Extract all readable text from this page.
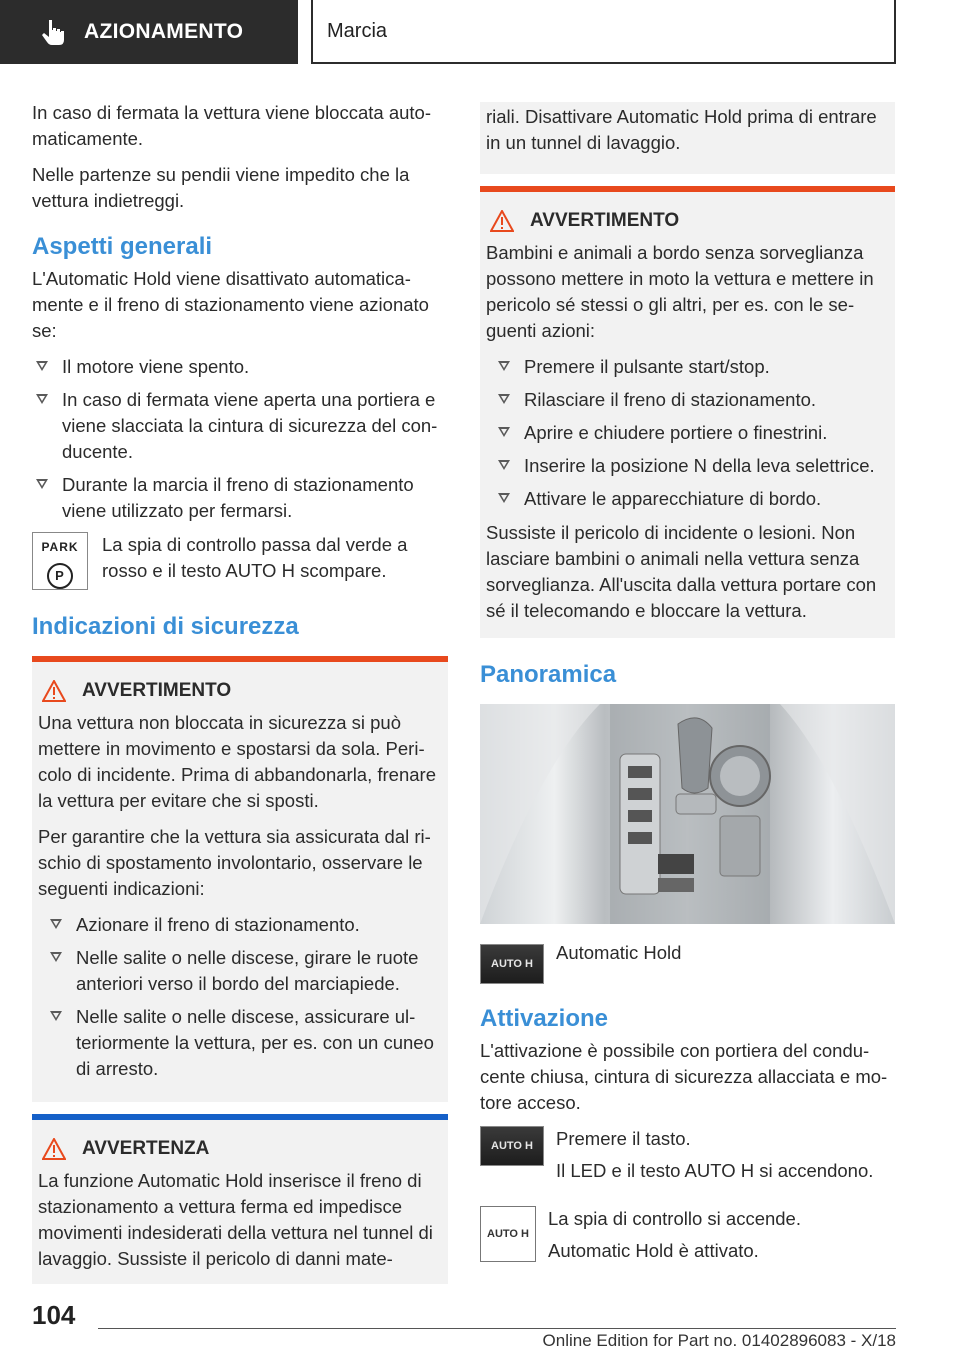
AZIONAMENTO	Marcia

In caso di fermata la vettura viene bloccata automaticamente.

Nelle partenze su pendii viene impedito che la vettura indietreggi.

Aspetti generali

L'Automatic Hold viene disattivato automaticamente e il freno di stazionamento viene azionato se:

Il motore viene spento.
In caso di fermata viene aperta una portiera e viene slacciata la cintura di sicurezza del conducente.
Durante la marcia il freno di stazionamento viene utilizzato per fermarsi.
PARK
P
La spia di controllo passa dal verde a rosso e il testo AUTO H scompare.
Indicazioni di sicurezza
AVVERTIMENTO

Una vettura non bloccata in sicurezza si può mettere in movimento e spostarsi da sola. Pericolo di incidente. Prima di abbandonarla, frenare la vettura per evitare che si sposti.

Per garantire che la vettura sia assicurata dal rischio di spostamento involontario, osservare le seguenti indicazioni:

Azionare il freno di stazionamento.
Nelle salite o nelle discese, girare le ruote anteriori verso il bordo del marciapiede.
Nelle salite o nelle discese, assicurare ulteriormente la vettura, per es. con un cuneo di arresto.
AVVERTENZA

La funzione Automatic Hold inserisce il freno di stazionamento a vettura ferma ed impedisce movimenti indesiderati della vettura nel tunnel di lavaggio. Sussiste il pericolo di danni mate-

riali. Disattivare Automatic Hold prima di entrare in un tunnel di lavaggio.

AVVERTIMENTO

Bambini e animali a bordo senza sorveglianza possono mettere in moto la vettura e mettere in pericolo sé stessi o gli altri, per es. con le seguenti azioni:

Premere il pulsante start/stop.
Rilasciare il freno di stazionamento.
Aprire e chiudere portiere o finestrini.
Inserire la posizione N della leva selettrice.
Attivare le apparecchiature di bordo.

Sussiste il pericolo di incidente o lesioni. Non lasciare bambini o animali nella vettura senza sorveglianza. All'uscita dalla vettura portare con sé il telecomando e bloccare la vettura.

Panoramica
AUTO H
Automatic Hold
Attivazione

L'attivazione è possibile con portiera del conducente chiusa, cintura di sicurezza allacciata e motore acceso.

AUTO H	Premere il tasto.

Il LED e il testo AUTO H si accendono.

AUTO H

La spia di controllo si accende.

Automatic Hold è attivato.

104
Online Edition for Part no. 01402896083 - X/18
